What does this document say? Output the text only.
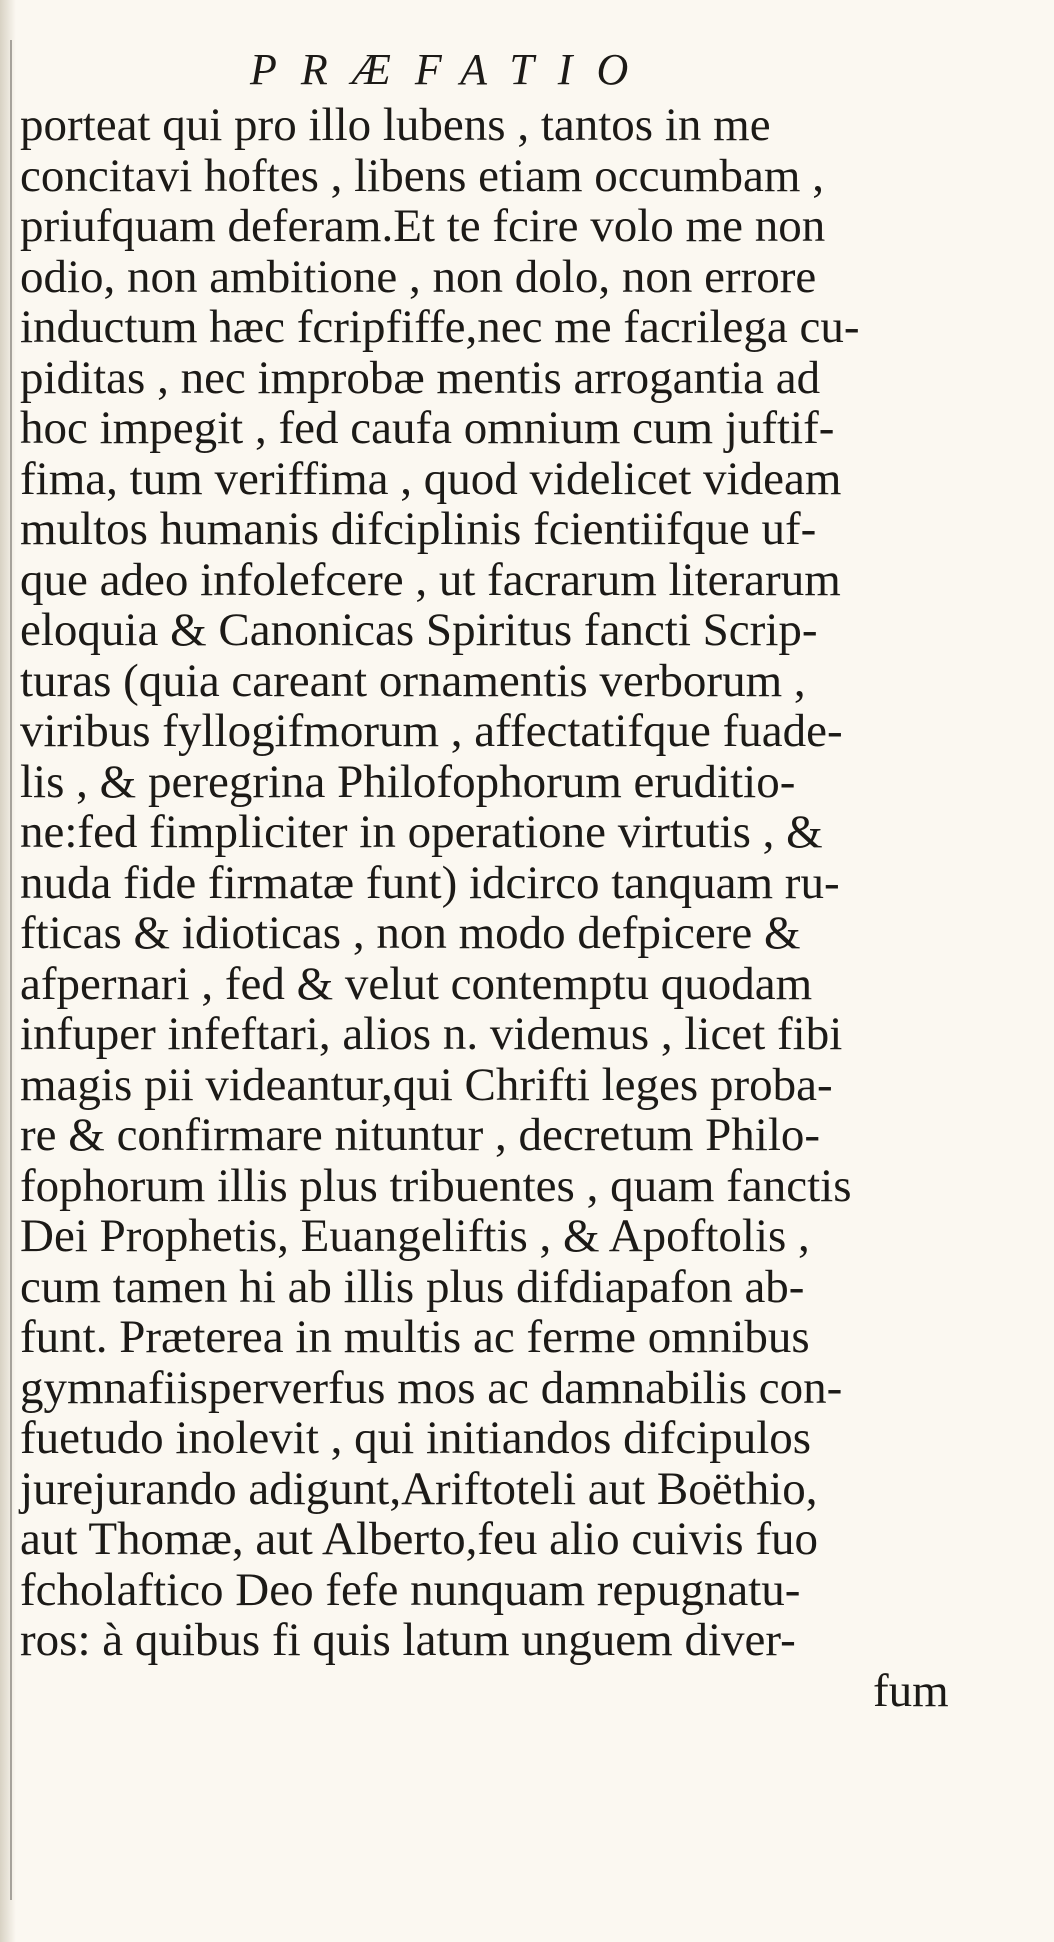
PRÆFATIO
porteat qui pro illo lubens , tantos in me
concitavi hoftes , libens etiam occumbam ,
priufquam deferam.Et te fcire volo me non
odio, non ambitione , non dolo, non errore
inductum hæc fcripfiffe,nec me facrilega cu-
piditas , nec improbæ mentis arrogantia ad
hoc impegit , fed caufa omnium cum juftif-
fima, tum veriffima , quod videlicet videam
multos humanis difciplinis fcientiifque uf-
que adeo infolefcere , ut facrarum literarum
eloquia & Canonicas Spiritus fancti Scrip-
turas (quia careant ornamentis verborum ,
viribus fyllogifmorum , affectatifque fuade-
lis , & peregrina Philofophorum eruditio-
ne:fed fimpliciter in operatione virtutis , &
nuda fide firmatæ funt) idcirco tanquam ru-
fticas & idioticas , non modo defpicere &
afpernari , fed & velut contemptu quodam
infuper infeftari, alios n. videmus , licet fibi
magis pii videantur,qui Chrifti leges proba-
re & confirmare nituntur , decretum Philo-
fophorum illis plus tribuentes , quam fanctis
Dei Prophetis, Euangeliftis , & Apoftolis ,
cum tamen hi ab illis plus difdiapafon ab-
funt. Præterea in multis ac ferme omnibus
gymnafiisperverfus mos ac damnabilis con-
fuetudo inolevit , qui initiandos difcipulos
jurejurando adigunt,Ariftoteli aut Boëthio,
aut Thomæ, aut Alberto,feu alio cuivis fuo
fcholaftico Deo fefe nunquam repugnatu-
ros: à quibus fi quis latum unguem diver-
fum
